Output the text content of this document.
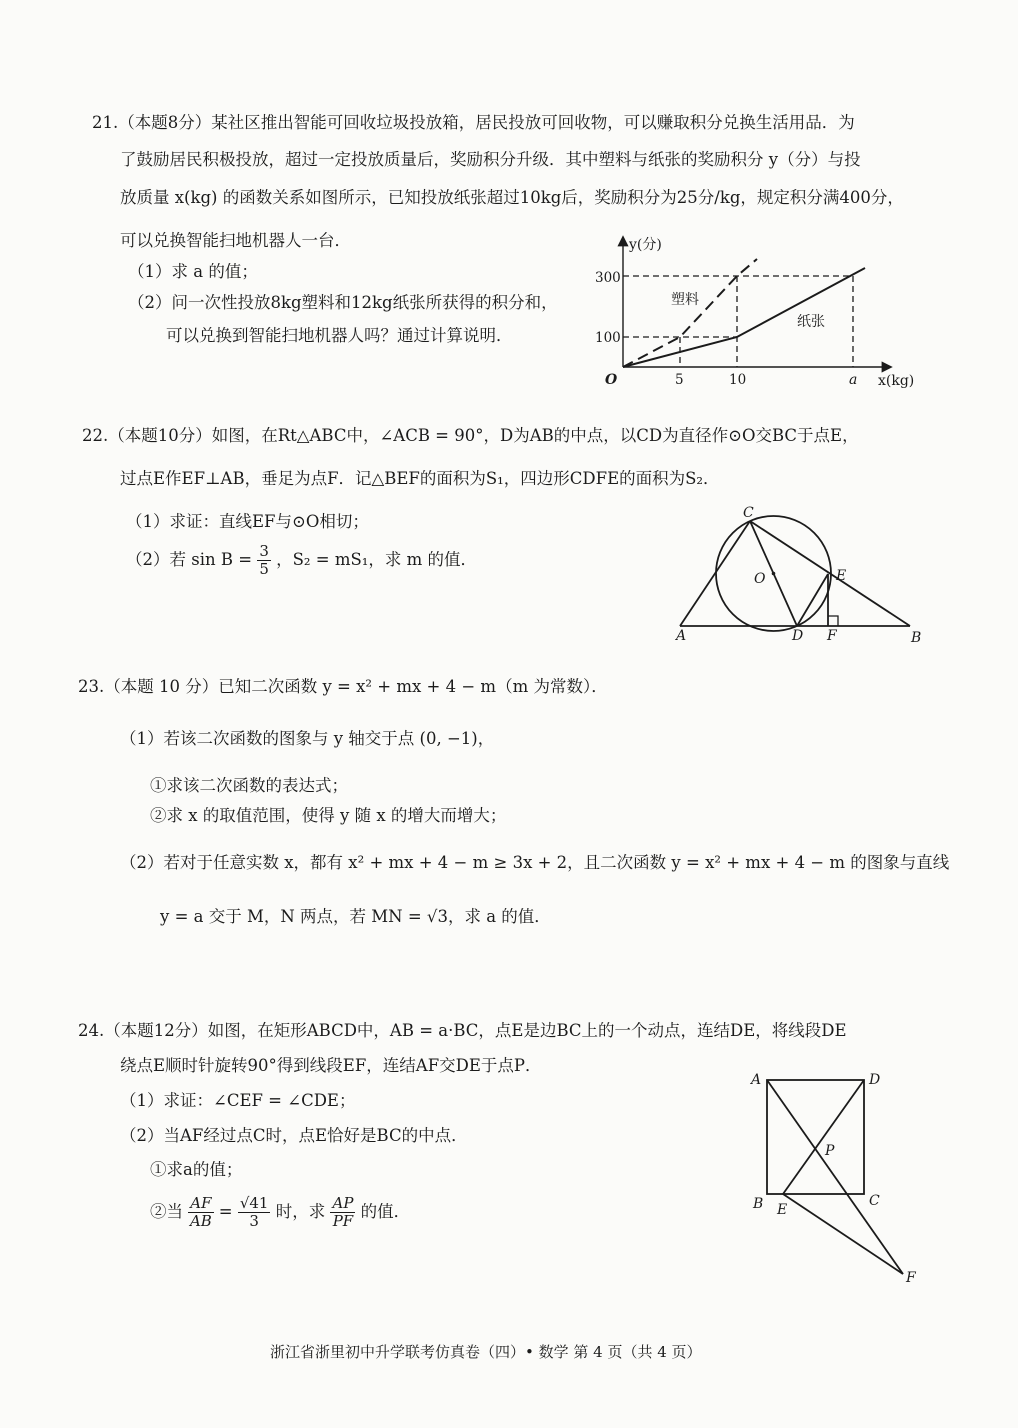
21.（本题8分）某社区推出智能可回收垃圾投放箱，居民投放可回收物，可以赚取积分兑换生活用品．为
了鼓励居民积极投放，超过一定投放质量后，奖励积分升级．其中塑料与纸张的奖励积分 y（分）与投
放质量 x(kg) 的函数关系如图所示，已知投放纸张超过10kg后，奖励积分为25分/kg，规定积分满400分，
可以兑换智能扫地机器人一台．
（1）求 a 的值；
（2）问一次性投放8kg塑料和12kg纸张所获得的积分和，
可以兑换到智能扫地机器人吗？通过计算说明．
y(分)
x(kg)
300
100
O	5	10	a
塑料
纸张
22.（本题10分）如图，在Rt△ABC中，∠ACB = 90°，D为AB的中点，以CD为直径作⊙O交BC于点E，
过点E作EF⊥AB，垂足为点F．记△BEF的面积为S₁，四边形CDFE的面积为S₂．
（1）求证：直线EF与⊙O相切；
（2）若 $\sin B = \frac{3}{5}$ ，S₂ = mS₁，求 m 的值．
C
O	E
A	D F	B
23.（本题 10 分）已知二次函数 y = x² + mx + 4 − m（m 为常数）．
（1）若该二次函数的图象与 y 轴交于点 (0, −1)，
①求该二次函数的表达式；
②求 x 的取值范围，使得 y 随 x 的增大而增大；
（2）若对于任意实数 x，都有 x² + mx + 4 − m ≥ 3x + 2，且二次函数 y = x² + mx + 4 − m 的图象与直线
y = a 交于 M，N 两点，若 MN = √3，求 a 的值．
24.（本题12分）如图，在矩形ABCD中，AB = a·BC，点E是边BC上的一个动点，连结DE，将线段DE
绕点E顺时针旋转90°得到线段EF，连结AF交DE于点P．
（1）求证：∠CEF = ∠CDE；
（2）当AF经过点C时，点E恰好是BC的中点．
①求a的值；
②当 $\frac{AF}{AB} = \frac{√41}{3}$ 时，求 $\frac{AP}{PF}$ 的值．
A	D
P
B E
C
F
浙江省浙里初中升学联考仿真卷（四）• 数学 第 4 页（共 4 页）
